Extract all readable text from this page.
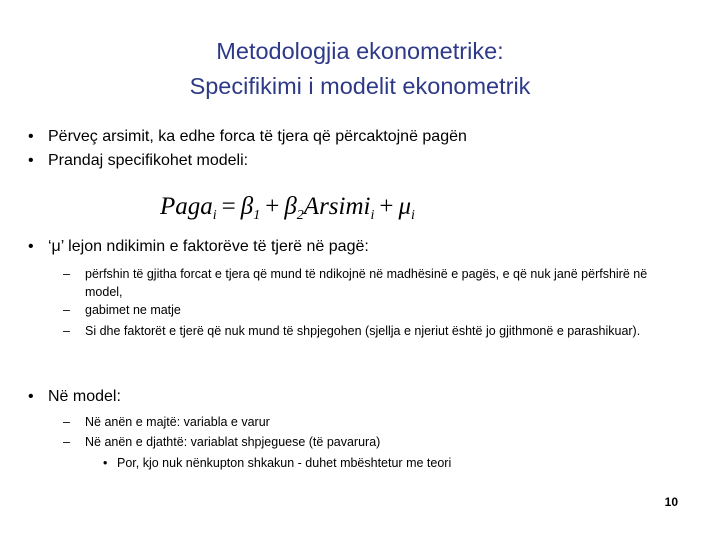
Metodologjia ekonometrike:
Specifikimi i modelit ekonometrik
• Përveç arsimit, ka edhe forca të tjera që përcaktojnë pagën
• Prandaj specifikohet modeli:
Paga$_i$ = $\beta_1$ + $\beta_2Arsimi_i + \mu_i$
• ‘μ’ lejon ndikimin e faktorëve të tjerë në pagë:
–	përfshin të gjitha forcat e tjera që mund të ndikojnë në madhësinë e pagës, e që nuk janë përfshirë në model,
–	gabimet ne matje
–	Si dhe faktorët e tjerë që nuk mund të shpjegohen (sjellja e njeriut është jo gjithmonë e parashikuar).
• Në model:
–	Në anën e majtë: variabla e varur
–	Në anën e djathtë: variablat shpjeguese (të pavarura)
• Por, kjo nuk nënkupton shkakun - duhet mbështetur me teori
10
